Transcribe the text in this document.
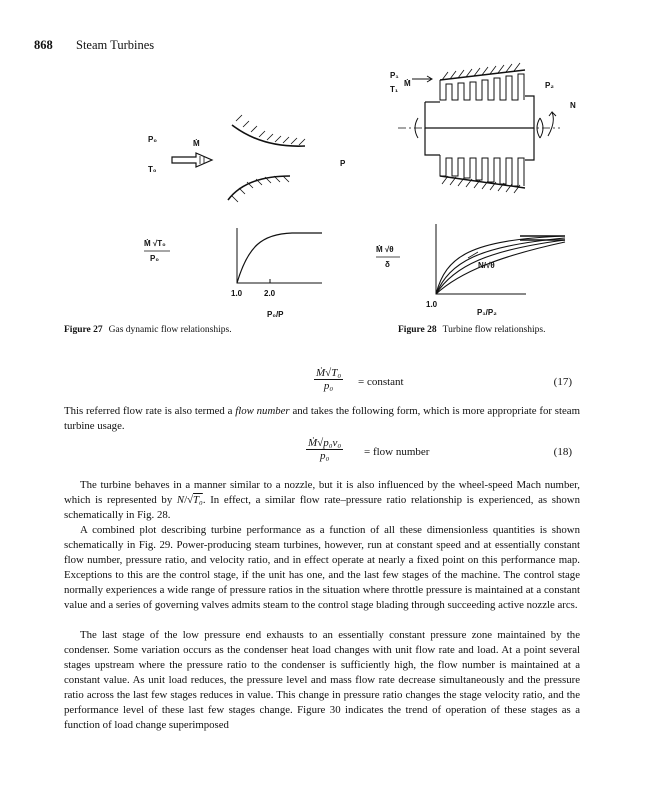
868 Steam Turbines
P₀	Ṁ
T₀
P
Ṁ √T₀
P₀
1.0	2.0
P₀/P
P₁
T₁
Ṁ	P₂
N
Ṁ √θ
δ	N/√θ
1.0
P₁/P₂
Figure 27 Gas dynamic flow relationships.	Figure 28 Turbine flow relationships.
$\frac{\text{Ṁ√T₀}}{\text{p₀}}$ = constant	(17)
This referred flow rate is also termed a flow number and takes the following form, which is more appropriate for steam turbine usage.
$\frac{\text{Ṁ√p₀v₀}}{\text{p₀}}$ = flow number	(18)
The turbine behaves in a manner similar to a nozzle, but it is also influenced by the wheel-speed Mach number, which is represented by N/√T₀. In effect, a similar flow rate–pressure ratio relationship is experienced, as shown schematically in Fig. 28.
A combined plot describing turbine performance as a function of all these dimensionless quantities is shown schematically in Fig. 29. Power-producing steam turbines, however, run at constant speed and at essentially constant flow number, pressure ratio, and velocity ratio, and in effect operate at nearly a fixed point on this performance map. Exceptions to this are the control stage, if the unit has one, and the last few stages of the machine. The control stage normally experiences a wide range of pressure ratios in the situation where throttle pressure is maintained at a constant value and a series of governing valves admits steam to the control stage blading through succeeding active nozzle arcs.
The last stage of the low pressure end exhausts to an essentially constant pressure zone maintained by the condenser. Some variation occurs as the condenser heat load changes with unit flow rate and load. At a point several stages upstream where the pressure ratio to the condenser is sufficiently high, the flow number is maintained at a constant value. As unit load reduces, the pressure level and mass flow rate decrease simultaneously and the pressure ratio across the last few stages reduces in value. This change in pressure ratio changes the stage velocity ratio, and the performance level of these last few stages change. Figure 30 indicates the trend of operation of these stages as a function of load change superimposed
